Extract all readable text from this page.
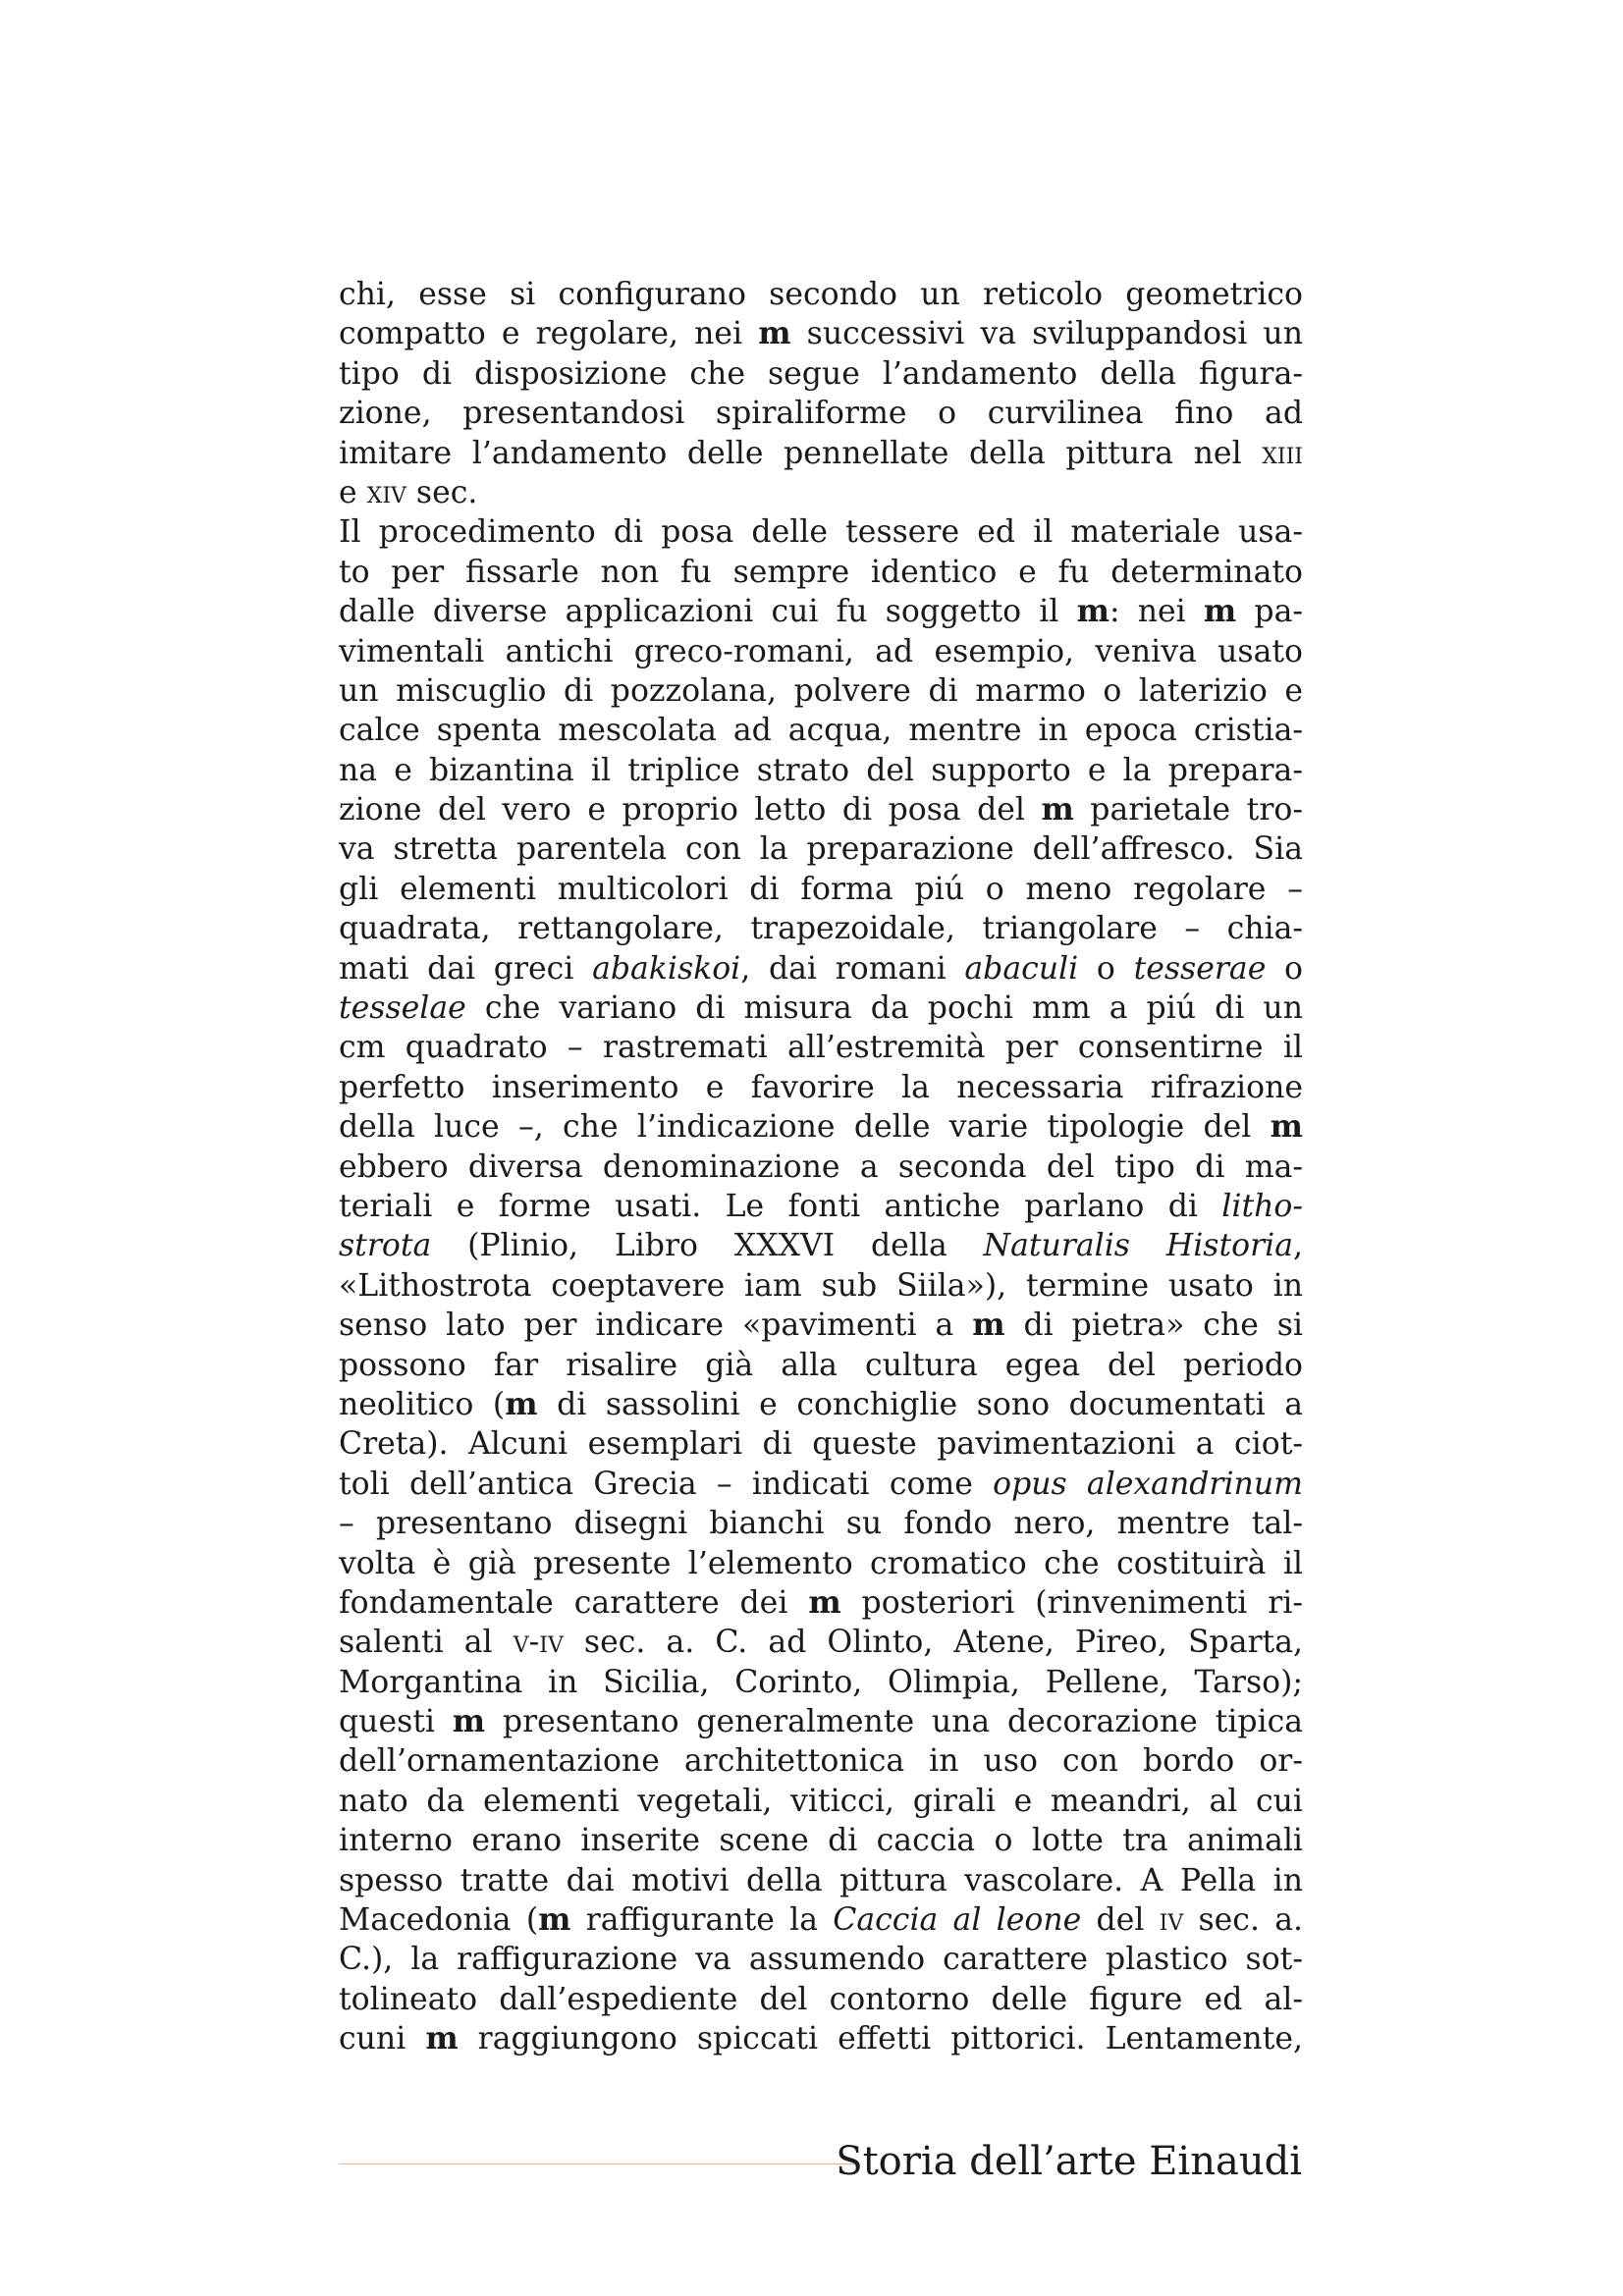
chi, esse si configurano secondo un reticolo geometrico
compatto e regolare, nei m successivi va sviluppandosi un
tipo di disposizione che segue l’andamento della figura-
zione, presentandosi spiraliforme o curvilinea fino ad
imitare l’andamento delle pennellate della pittura nel xiii
e xiv sec.
Il procedimento di posa delle tessere ed il materiale usa-
to per fissarle non fu sempre identico e fu determinato
dalle diverse applicazioni cui fu soggetto il m: nei m pa-
vimentali antichi greco-romani, ad esempio, veniva usato
un miscuglio di pozzolana, polvere di marmo o laterizio e
calce spenta mescolata ad acqua, mentre in epoca cristia-
na e bizantina il triplice strato del supporto e la prepara-
zione del vero e proprio letto di posa del m parietale tro-
va stretta parentela con la preparazione dell’affresco. Sia
gli elementi multicolori di forma piú o meno regolare –
quadrata, rettangolare, trapezoidale, triangolare – chia-
mati dai greci abakiskoi, dai romani abaculi o tesserae o
tesselae che variano di misura da pochi mm a piú di un
cm quadrato – rastremati all’estremità per consentirne il
perfetto inserimento e favorire la necessaria rifrazione
della luce –, che l’indicazione delle varie tipologie del m
ebbero diversa denominazione a seconda del tipo di ma-
teriali e forme usati. Le fonti antiche parlano di litho-
strota (Plinio, Libro XXXVI della Naturalis Historia,
«Lithostrota coeptavere iam sub Siila»), termine usato in
senso lato per indicare «pavimenti a m di pietra» che si
possono far risalire già alla cultura egea del periodo
neolitico (m di sassolini e conchiglie sono documentati a
Creta). Alcuni esemplari di queste pavimentazioni a ciot-
toli dell’antica Grecia – indicati come opus alexandrinum
– presentano disegni bianchi su fondo nero, mentre tal-
volta è già presente l’elemento cromatico che costituirà il
fondamentale carattere dei m posteriori (rinvenimenti ri-
salenti al v-iv sec. a. C. ad Olinto, Atene, Pireo, Sparta,
Morgantina in Sicilia, Corinto, Olimpia, Pellene, Tarso);
questi m presentano generalmente una decorazione tipica
dell’ornamentazione architettonica in uso con bordo or-
nato da elementi vegetali, viticci, girali e meandri, al cui
interno erano inserite scene di caccia o lotte tra animali
spesso tratte dai motivi della pittura vascolare. A Pella in
Macedonia (m raffigurante la Caccia al leone del iv sec. a.
C.), la raffigurazione va assumendo carattere plastico sot-
tolineato dall’espediente del contorno delle figure ed al-
cuni m raggiungono spiccati effetti pittorici. Lentamente,
Storia dell’arte Einaudi
